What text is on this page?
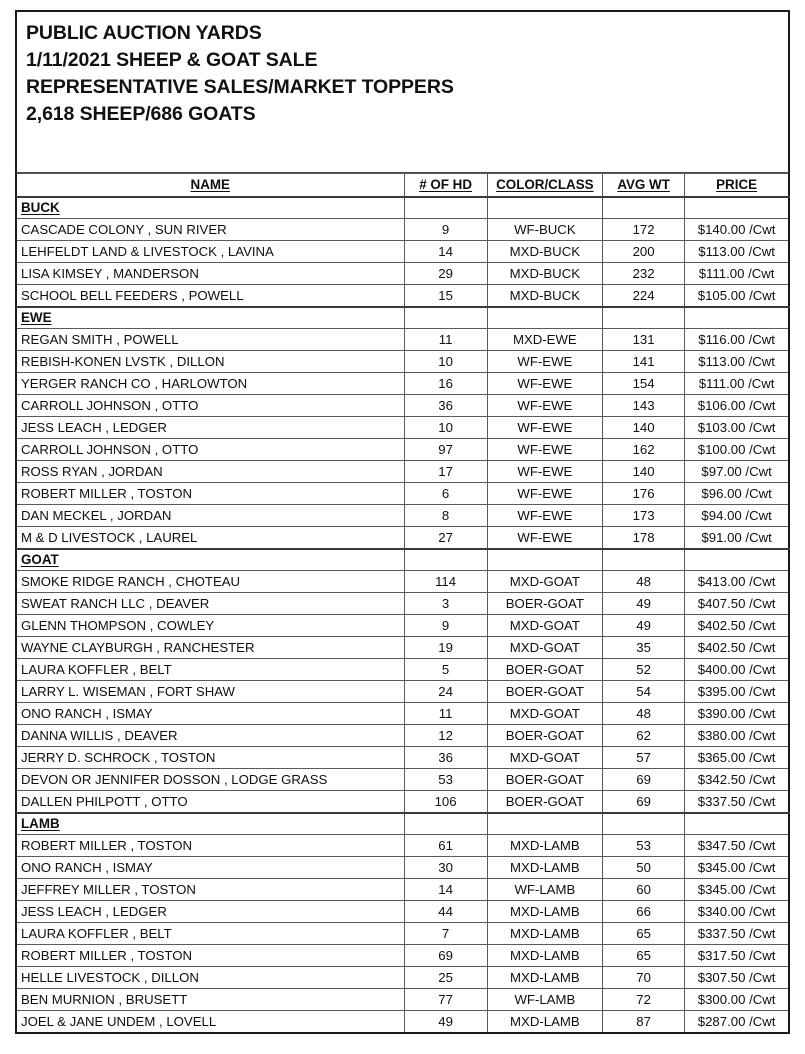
PUBLIC AUCTION YARDS
1/11/2021 SHEEP & GOAT SALE
REPRESENTATIVE SALES/MARKET TOPPERS
2,618 SHEEP/686 GOATS
NAME	# OF HD	COLOR/CLASS	AVG WT	PRICE
BUCK				
CASCADE COLONY , SUN RIVER	9	WF-BUCK	172	$140.00 /Cwt
LEHFELDT LAND & LIVESTOCK , LAVINA	14	MXD-BUCK	200	$113.00 /Cwt
LISA KIMSEY , MANDERSON	29	MXD-BUCK	232	$111.00 /Cwt
SCHOOL BELL FEEDERS , POWELL	15	MXD-BUCK	224	$105.00 /Cwt
EWE				
REGAN SMITH , POWELL	11	MXD-EWE	131	$116.00 /Cwt
REBISH-KONEN LVSTK , DILLON	10	WF-EWE	141	$113.00 /Cwt
YERGER RANCH CO , HARLOWTON	16	WF-EWE	154	$111.00 /Cwt
CARROLL JOHNSON , OTTO	36	WF-EWE	143	$106.00 /Cwt
JESS LEACH , LEDGER	10	WF-EWE	140	$103.00 /Cwt
CARROLL JOHNSON , OTTO	97	WF-EWE	162	$100.00 /Cwt
ROSS RYAN , JORDAN	17	WF-EWE	140	$97.00 /Cwt
ROBERT MILLER , TOSTON	6	WF-EWE	176	$96.00 /Cwt
DAN MECKEL , JORDAN	8	WF-EWE	173	$94.00 /Cwt
M & D LIVESTOCK , LAUREL	27	WF-EWE	178	$91.00 /Cwt
GOAT				
SMOKE RIDGE RANCH , CHOTEAU	114	MXD-GOAT	48	$413.00 /Cwt
SWEAT RANCH LLC , DEAVER	3	BOER-GOAT	49	$407.50 /Cwt
GLENN THOMPSON , COWLEY	9	MXD-GOAT	49	$402.50 /Cwt
WAYNE CLAYBURGH , RANCHESTER	19	MXD-GOAT	35	$402.50 /Cwt
LAURA KOFFLER , BELT	5	BOER-GOAT	52	$400.00 /Cwt
LARRY L. WISEMAN , FORT SHAW	24	BOER-GOAT	54	$395.00 /Cwt
ONO RANCH , ISMAY	11	MXD-GOAT	48	$390.00 /Cwt
DANNA WILLIS , DEAVER	12	BOER-GOAT	62	$380.00 /Cwt
JERRY D. SCHROCK , TOSTON	36	MXD-GOAT	57	$365.00 /Cwt
DEVON OR JENNIFER DOSSON , LODGE GRASS	53	BOER-GOAT	69	$342.50 /Cwt
DALLEN PHILPOTT , OTTO	106	BOER-GOAT	69	$337.50 /Cwt
LAMB				
ROBERT MILLER , TOSTON	61	MXD-LAMB	53	$347.50 /Cwt
ONO RANCH , ISMAY	30	MXD-LAMB	50	$345.00 /Cwt
JEFFREY MILLER , TOSTON	14	WF-LAMB	60	$345.00 /Cwt
JESS LEACH , LEDGER	44	MXD-LAMB	66	$340.00 /Cwt
LAURA KOFFLER , BELT	7	MXD-LAMB	65	$337.50 /Cwt
ROBERT MILLER , TOSTON	69	MXD-LAMB	65	$317.50 /Cwt
HELLE LIVESTOCK , DILLON	25	MXD-LAMB	70	$307.50 /Cwt
BEN MURNION , BRUSETT	77	WF-LAMB	72	$300.00 /Cwt
JOEL & JANE UNDEM , LOVELL	49	MXD-LAMB	87	$287.00 /Cwt
